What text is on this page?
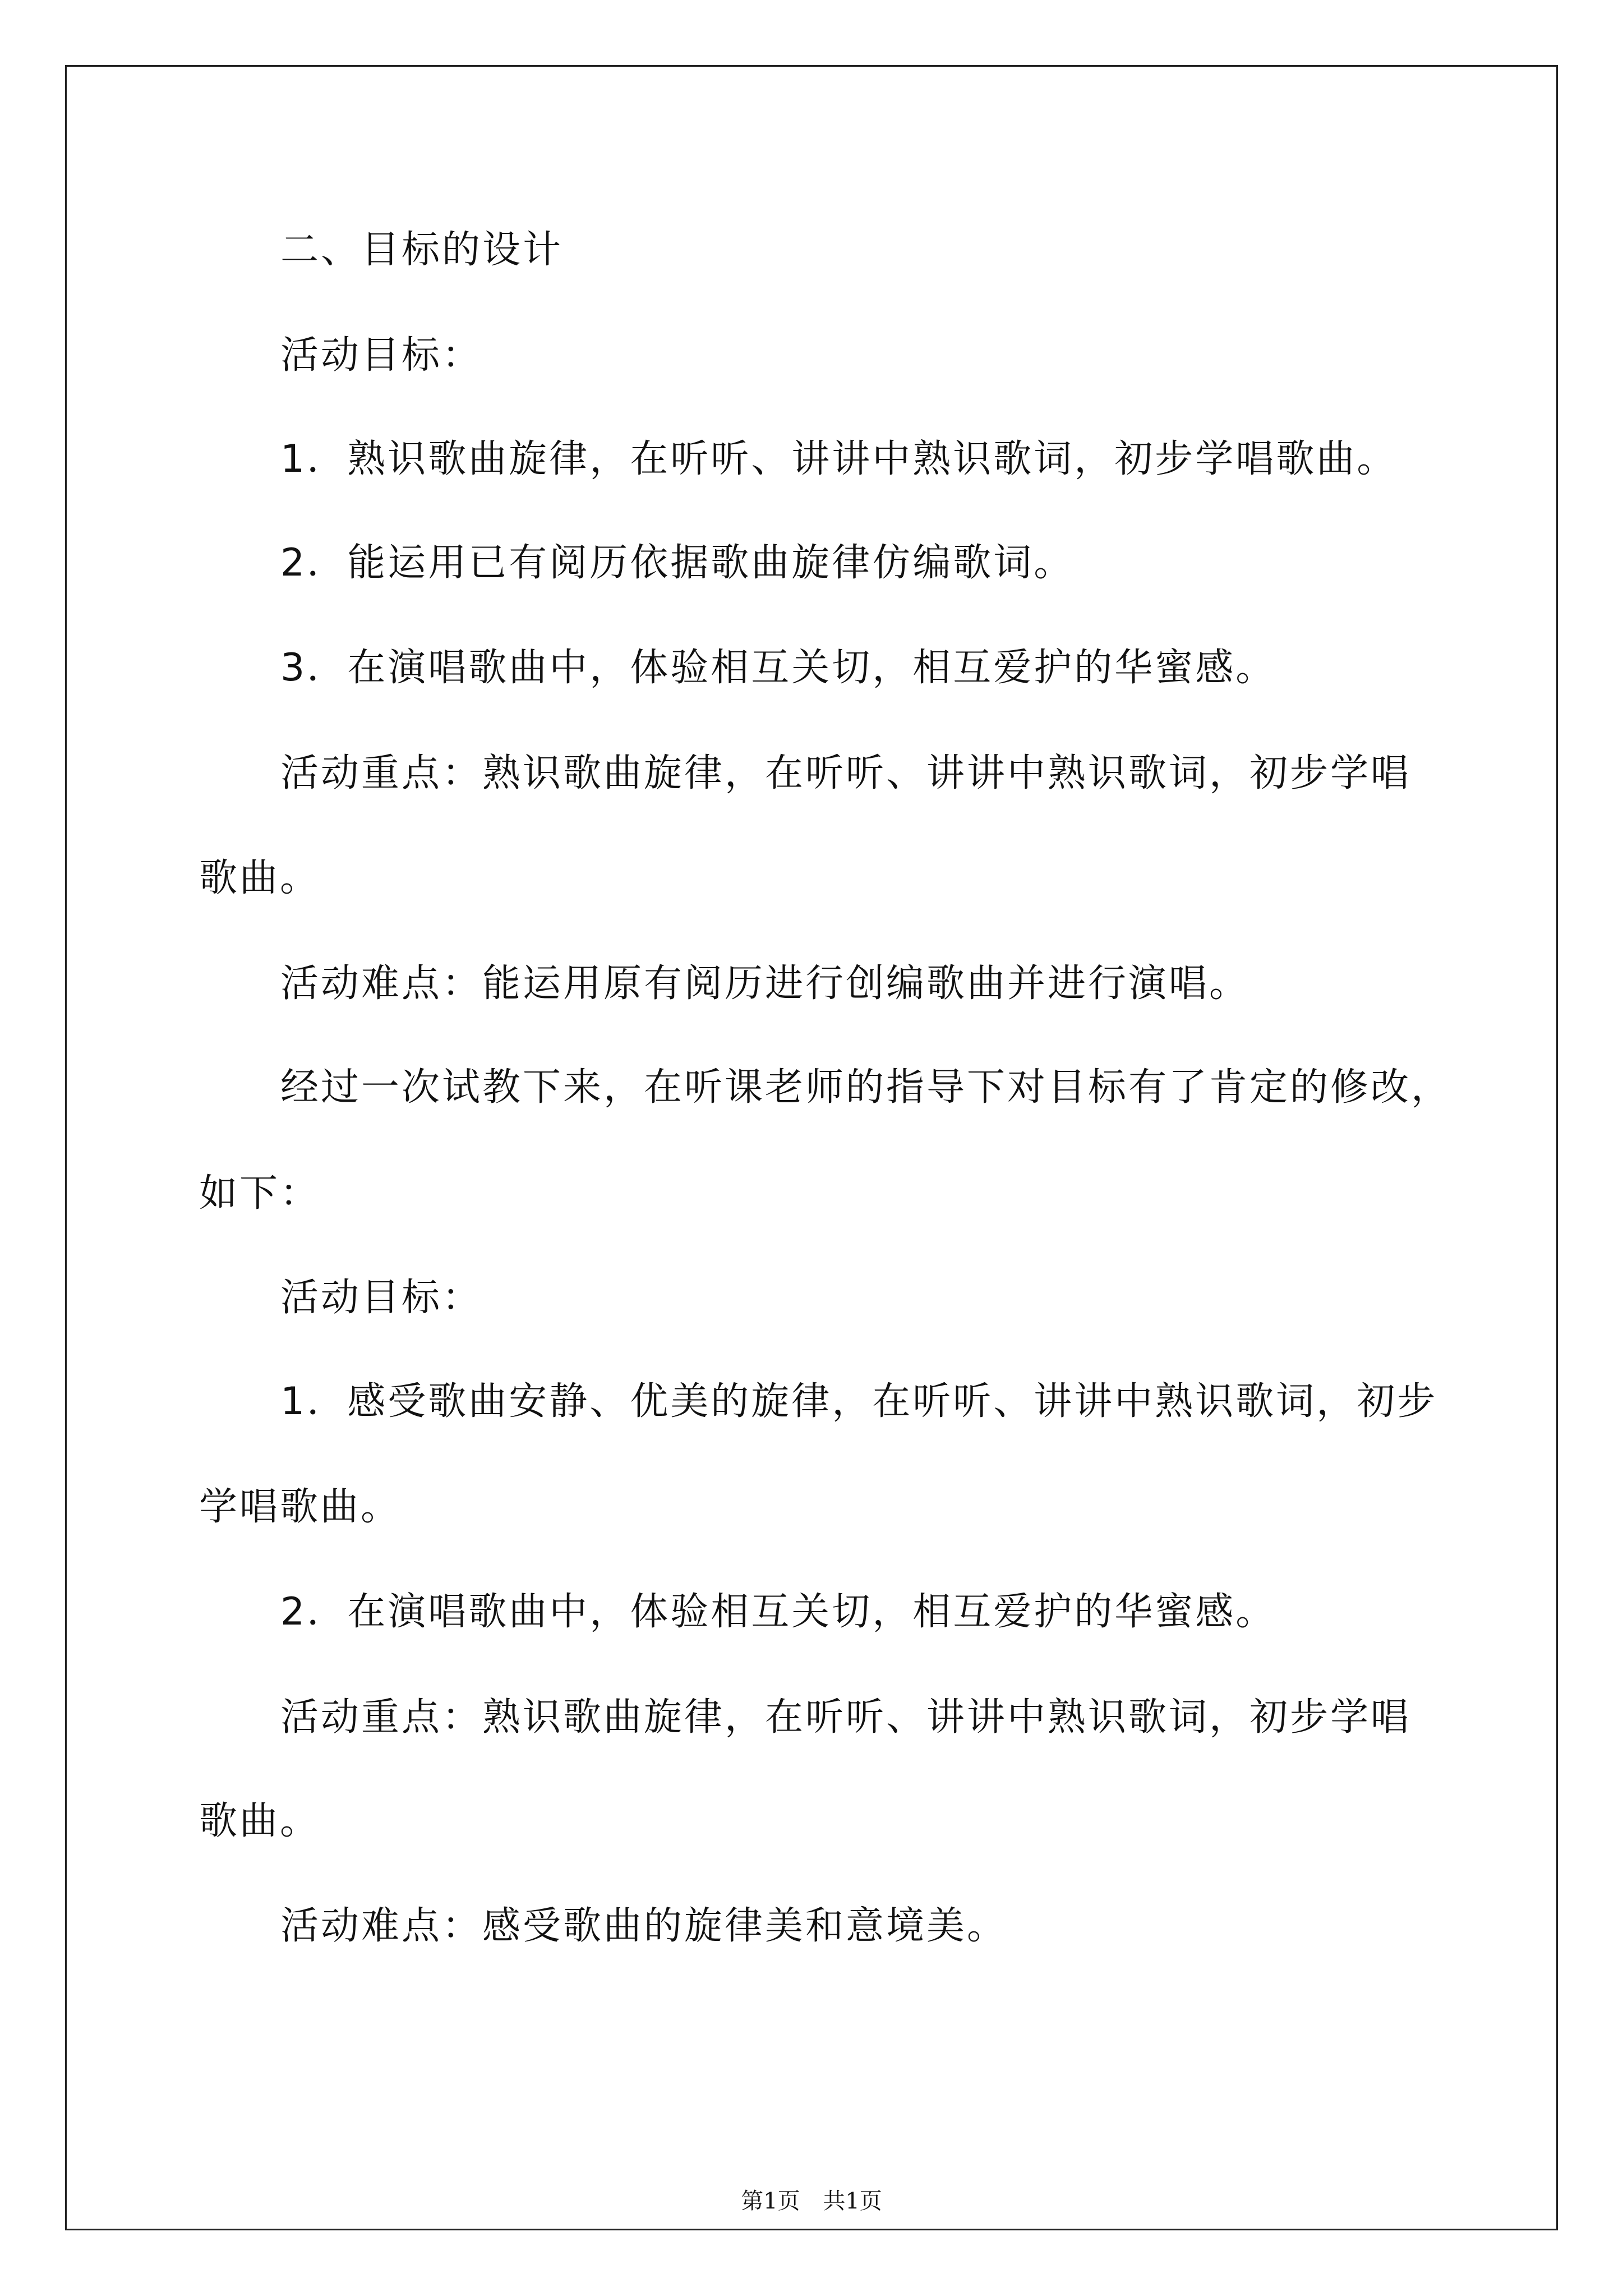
二、目标的设计
活动目标：
1．熟识歌曲旋律，在听听、讲讲中熟识歌词，初步学唱歌曲。
2．能运用已有阅历依据歌曲旋律仿编歌词。
3．在演唱歌曲中，体验相互关切，相互爱护的华蜜感。
活动重点：熟识歌曲旋律，在听听、讲讲中熟识歌词，初步学唱
歌曲。
活动难点：能运用原有阅历进行创编歌曲并进行演唱。
经过一次试教下来，在听课老师的指导下对目标有了肯定的修改，
如下：
活动目标：
1．感受歌曲安静、优美的旋律，在听听、讲讲中熟识歌词，初步
学唱歌曲。
2．在演唱歌曲中，体验相互关切，相互爱护的华蜜感。
活动重点：熟识歌曲旋律，在听听、讲讲中熟识歌词，初步学唱
歌曲。
活动难点：感受歌曲的旋律美和意境美。
第1页 共1页
